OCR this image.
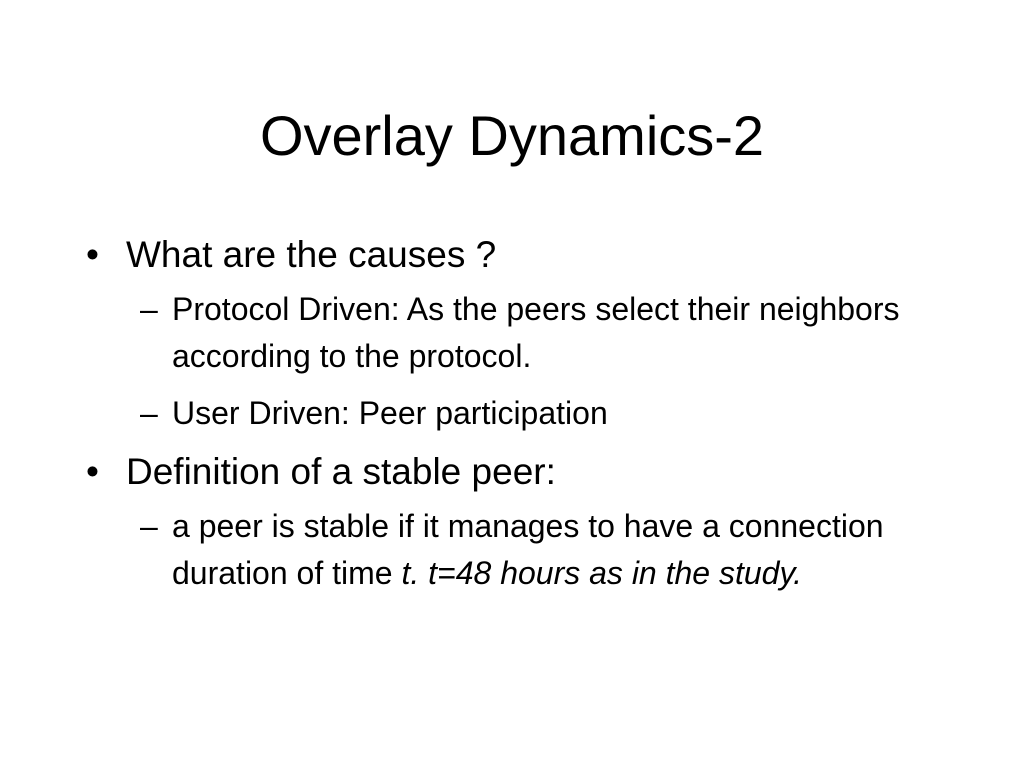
Overlay Dynamics-2
• What are the causes ?
– Protocol Driven: As the peers select their neighbors according to the protocol.
– User Driven: Peer participation
• Definition of a stable peer:
– a peer is stable if it manages to have a connection duration of time t. t=48 hours as in the study.
